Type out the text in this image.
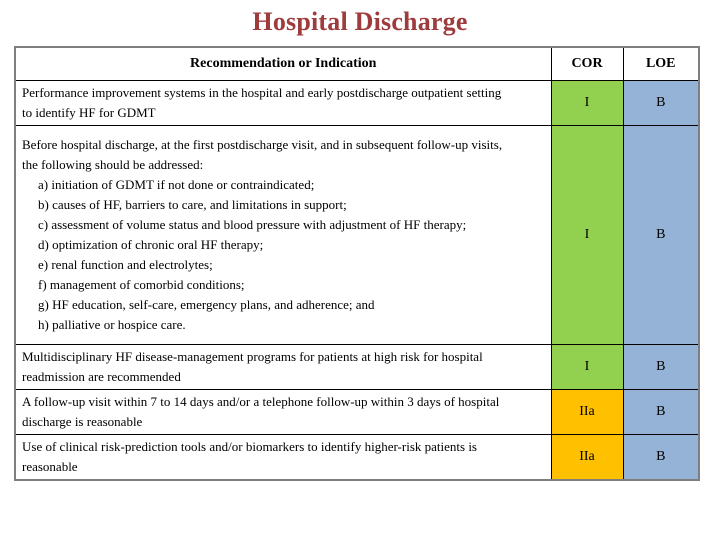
Hospital Discharge
Recommendation or Indication	COR	LOE

Performance improvement systems in the hospital and early postdischarge outpatient setting
to identify HF for GDMT	I	B

Before hospital discharge, at the first postdischarge visit, and in subsequent follow-up visits,
the following should be addressed:
a) initiation of GDMT if not done or contraindicated;
b) causes of HF, barriers to care, and limitations in support;
c) assessment of volume status and blood pressure with adjustment of HF therapy;
d) optimization of chronic oral HF therapy;
e) renal function and electrolytes;
f) management of comorbid conditions;
g) HF education, self-care, emergency plans, and adherence; and
h) palliative or hospice care.
	I	B

Multidisciplinary HF disease-management programs for patients at high risk for hospital
readmission are recommended	I	B

A follow-up visit within 7 to 14 days and/or a telephone follow-up within 3 days of hospital
discharge is reasonable	IIa	B

Use of clinical risk-prediction tools and/or biomarkers to identify higher-risk patients is
reasonable	IIa	B
